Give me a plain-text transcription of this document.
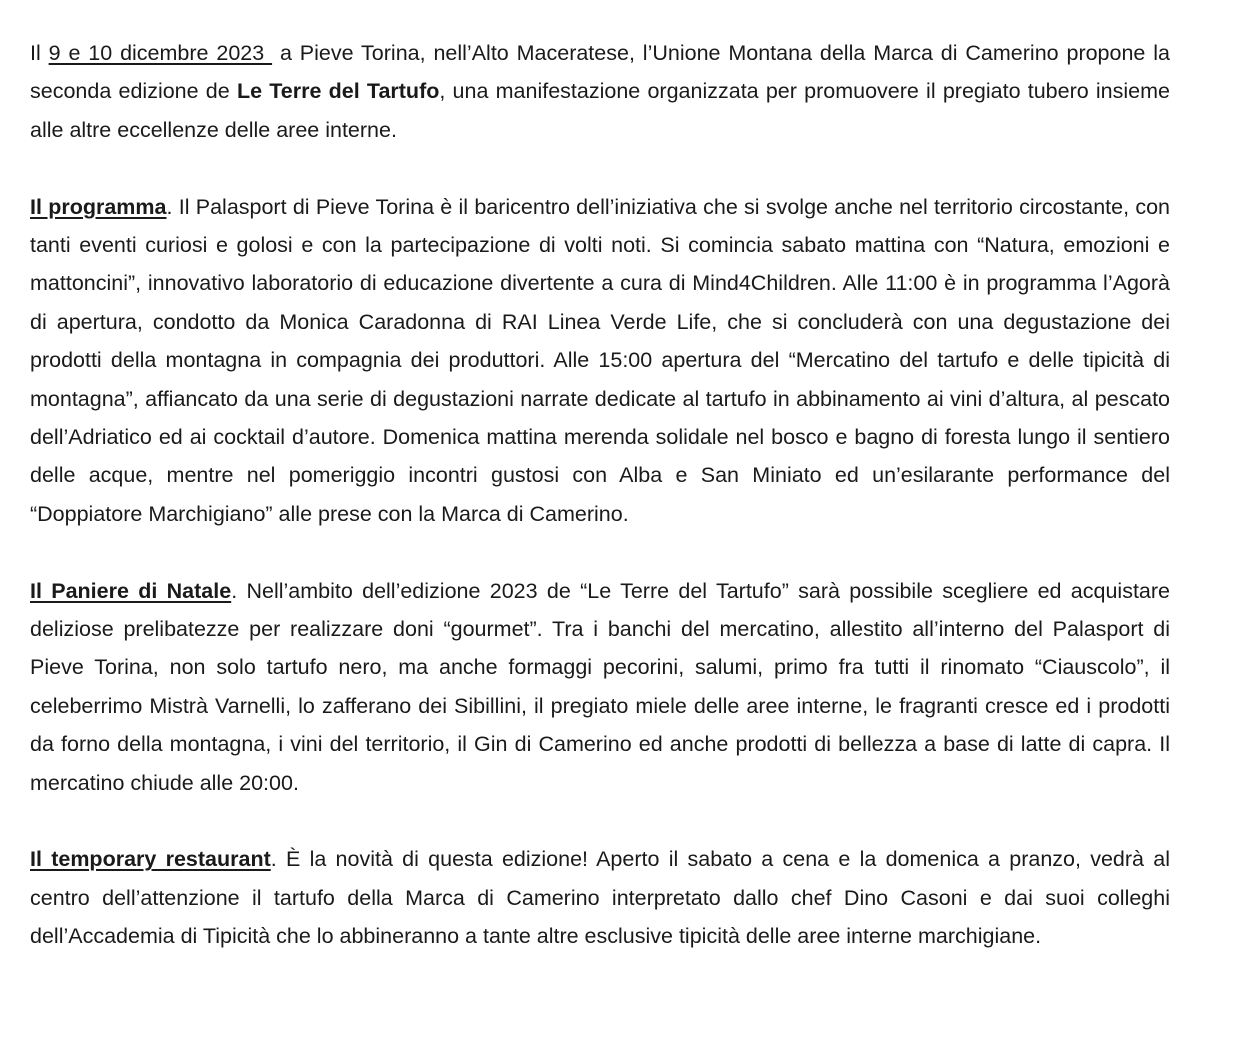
Il 9 e 10 dicembre 2023  a Pieve Torina, nell’Alto Maceratese, l’Unione Montana della Marca di Camerino propone la seconda edizione de Le Terre del Tartufo, una manifestazione organizzata per promuovere il pregiato tubero insieme alle altre eccellenze delle aree interne.

Il programma. Il Palasport di Pieve Torina è il baricentro dell’iniziativa che si svolge anche nel territorio circostante, con tanti eventi curiosi e golosi e con la partecipazione di volti noti. Si comincia sabato mattina con “Natura, emozioni e mattoncini”, innovativo laboratorio di educazione divertente a cura di Mind4Children. Alle 11:00 è in programma l’Agorà di apertura, condotto da Monica Caradonna di RAI Linea Verde Life, che si concluderà con una degustazione dei prodotti della montagna in compagnia dei produttori. Alle 15:00 apertura del “Mercatino del tartufo e delle tipicità di montagna”, affiancato da una serie di degustazioni narrate dedicate al tartufo in abbinamento ai vini d’altura, al pescato dell’Adriatico ed ai cocktail d’autore. Domenica mattina merenda solidale nel bosco e bagno di foresta lungo il sentiero delle acque, mentre nel pomeriggio incontri gustosi con Alba e San Miniato ed un’esilarante performance del “Doppiatore Marchigiano” alle prese con la Marca di Camerino.

Il Paniere di Natale. Nell’ambito dell’edizione 2023 de “Le Terre del Tartufo” sarà possibile scegliere ed acquistare deliziose prelibatezze per realizzare doni “gourmet”. Tra i banchi del mercatino, allestito all’interno del Palasport di Pieve Torina, non solo tartufo nero, ma anche formaggi pecorini, salumi, primo fra tutti il rinomato “Ciauscolo”, il celeberrimo Mistrà Varnelli, lo zafferano dei Sibillini, il pregiato miele delle aree interne, le fragranti cresce ed i prodotti da forno della montagna, i vini del territorio, il Gin di Camerino ed anche prodotti di bellezza a base di latte di capra. Il mercatino chiude alle 20:00.

Il temporary restaurant. È la novità di questa edizione! Aperto il sabato a cena e la domenica a pranzo, vedrà al centro dell’attenzione il tartufo della Marca di Camerino interpretato dallo chef Dino Casoni e dai suoi colleghi dell’Accademia di Tipicità che lo abbineranno a tante altre esclusive tipicità delle aree interne marchigiane.
